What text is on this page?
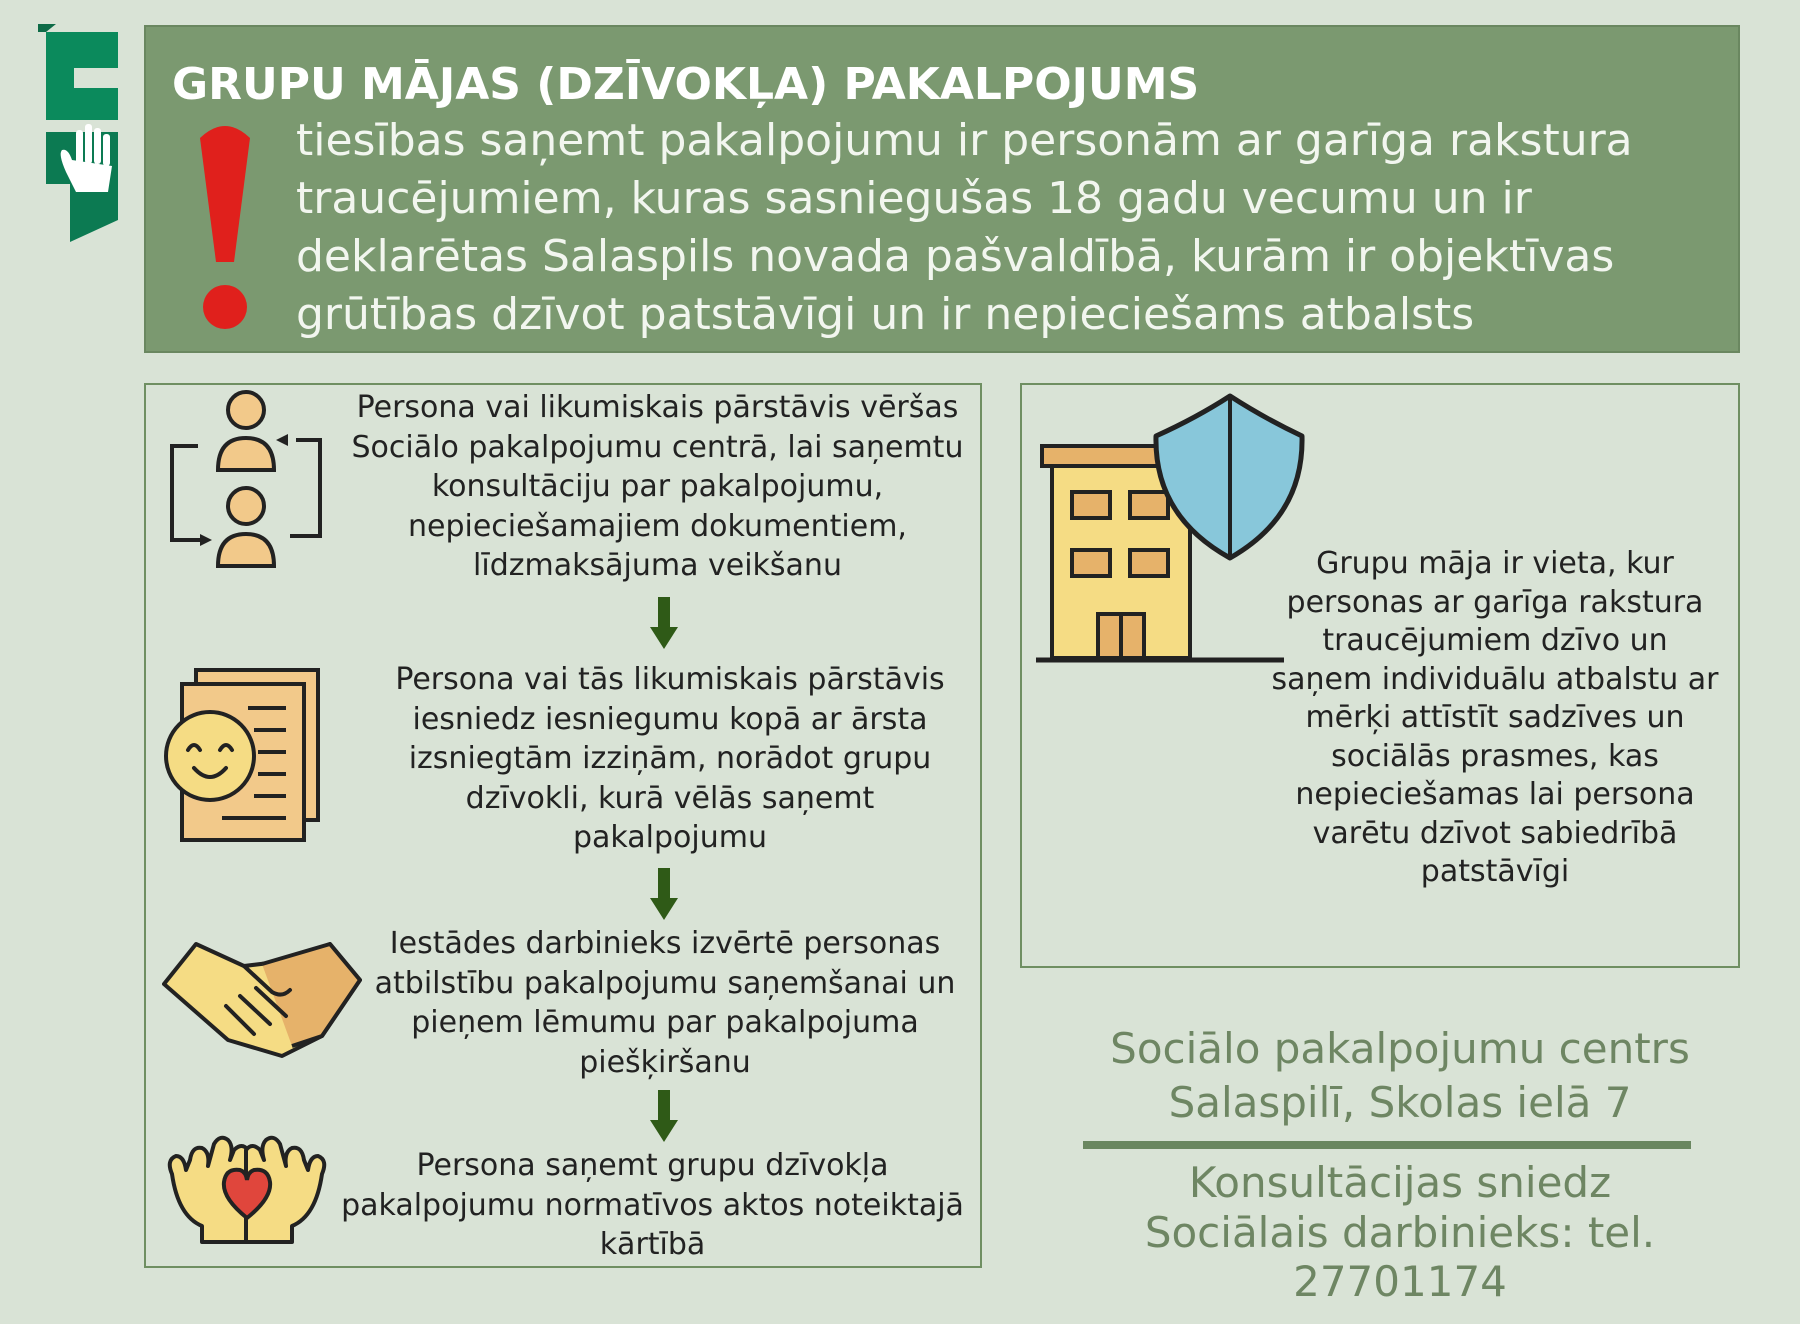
GRUPU MĀJAS (DZĪVOKĻA) PAKALPOJUMS

tiesības saņemt pakalpojumu ir personām ar garīga rakstura traucējumiem, kuras sasniegušas 18 gadu vecumu un ir deklarētas Salaspils novada pašvaldībā, kurām ir objektīvas grūtības dzīvot patstāvīgi un ir nepieciešams atbalsts

Persona vai likumiskais pārstāvis vēršas Sociālo pakalpojumu centrā, lai saņemtu konsultāciju par pakalpojumu, nepieciešamajiem dokumentiem, līdzmaksājuma veikšanu

Persona vai tās likumiskais pārstāvis iesniedz iesniegumu kopā ar ārsta izsniegtām izziņām, norādot grupu dzīvokli, kurā vēlās saņemt pakalpojumu

Iestādes darbinieks izvērtē personas atbilstību pakalpojumu saņemšanai un pieņem lēmumu par pakalpojuma piešķiršanu

Persona saņemt grupu dzīvokļa pakalpojumu normatīvos aktos noteiktajā kārtībā

Grupu māja ir vieta, kur personas ar garīga rakstura traucējumiem dzīvo un saņem individuālu atbalstu ar mērķi attīstīt sadzīves un sociālās prasmes, kas nepieciešamas lai persona varētu dzīvot sabiedrībā patstāvīgi

Sociālo pakalpojumu centrs

Salaspilī, Skolas ielā 7

Konsultācijas sniedz

Sociālais darbinieks: tel. 27701174
